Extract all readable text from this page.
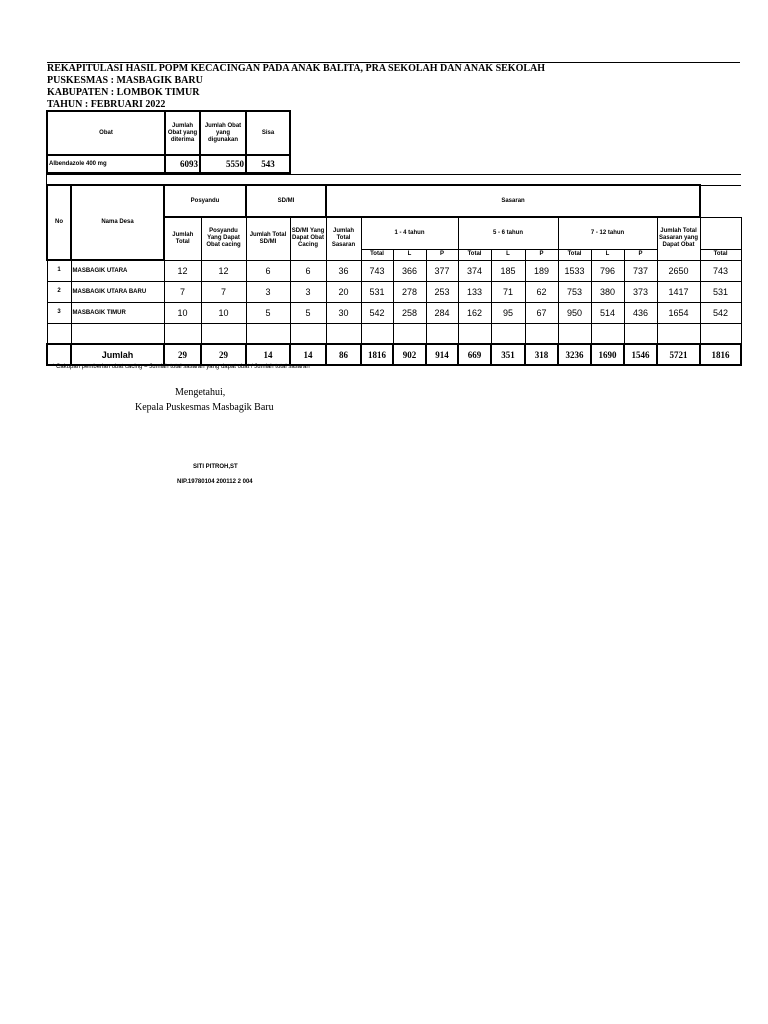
REKAPITULASI HASIL POPM KECACINGAN PADA ANAK BALITA, PRA SEKOLAH DAN ANAK SEKOLAH
PUSKESMAS : MASBAGIK BARU
KABUPATEN : LOMBOK TIMUR
TAHUN : FEBRUARI 2022
Obat	Jumlah Obat yang diterima	Jumlah Obat yang digunakan	Sisa
Albendazole 400 mg	6093	5550	543
No	Nama Desa	Posyandu		SD/MI		Sasaran											
		Jumlah Total	Posyandu Yang Dapat Obat cacing	Jumlah Total SD/MI	SD/MI Yang Dapat Obat Cacing	Jumlah Total Sasaran	1 - 4 tahun			5 - 6 tahun			7 - 12 tahun			Jumlah Total Sasaran yang Dapat Obat	
							Total	L	P	Total	L	P	Total	L	P		Total
1	MASBAGIK UTARA	12	12	6	6	36	743	366	377	374	185	189	1533	796	737	2650	743
2	MASBAGIK UTARA BARU	7	7	3	3	20	531	278	253	133	71	62	753	380	373	1417	531
3	MASBAGIK TIMUR	10	10	5	5	30	542	258	284	162	95	67	950	514	436	1654	542

	Jumlah	29	29	14	14	86	1816	902	914	669	351	318	3236	1690	1546	5721	1816
* Cakupan pemberian obat cacing = Jumlah total sasaran yang dapat obat / Jumlah total sasaran
Mengetahui,
Kepala Puskesmas Masbagik Baru
SITI PITROH,ST
NIP.19780104 200112 2 004
